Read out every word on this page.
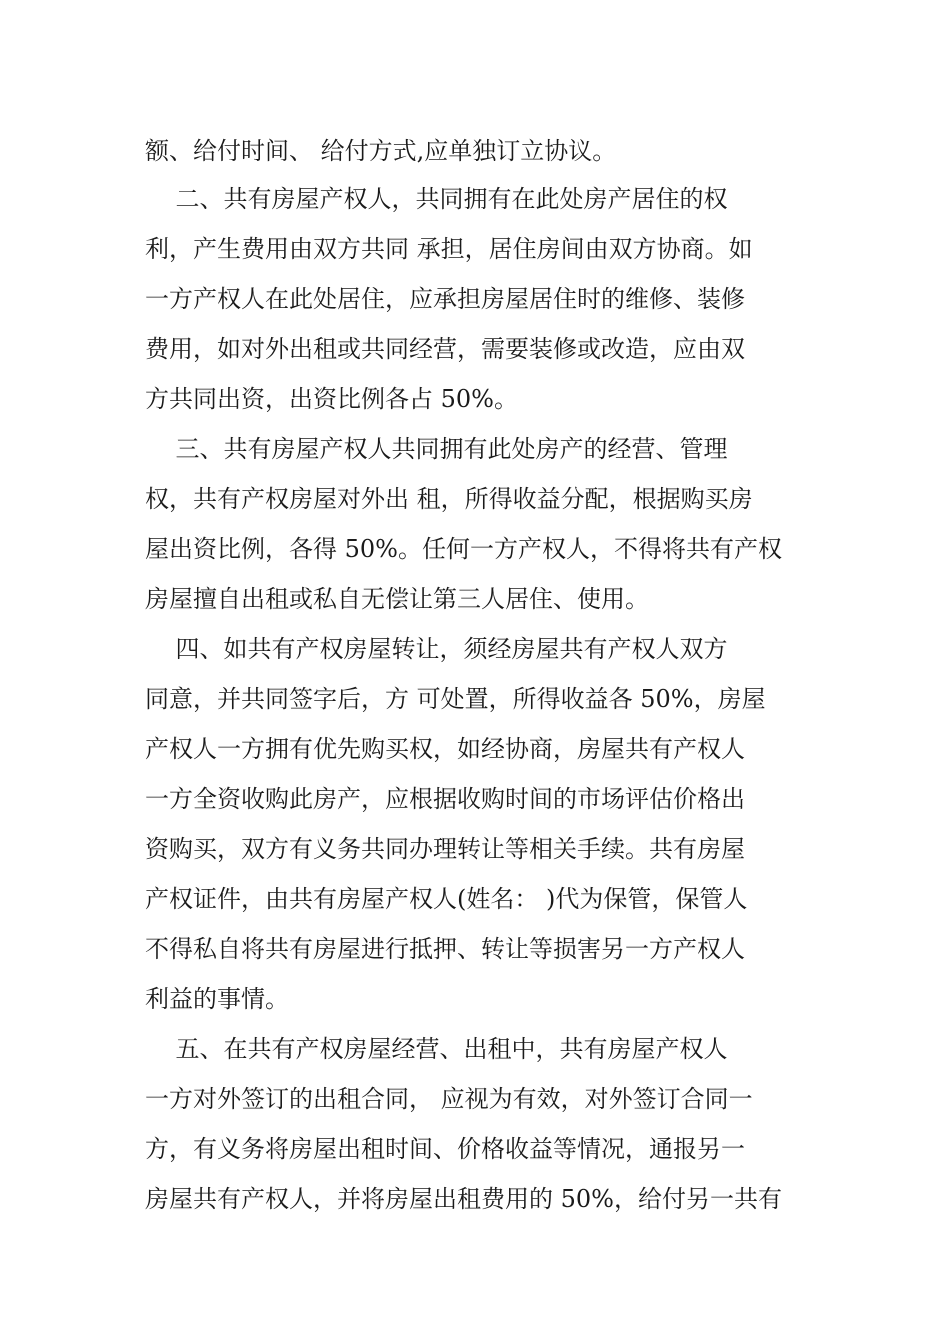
额、给付时间、 给付方式,应单独订立协议。

二、共有房屋产权人，共同拥有在此处房产居住的权

利，产生费用由双方共同 承担，居住房间由双方协商。如

一方产权人在此处居住，应承担房屋居住时的维修、装修

费用，如对外出租或共同经营，需要装修或改造，应由双

方共同出资，出资比例各占 50%。

三、共有房屋产权人共同拥有此处房产的经营、管理

权，共有产权房屋对外出 租，所得收益分配，根据购买房

屋出资比例，各得 50%。任何一方产权人，不得将共有产权

房屋擅自出租或私自无偿让第三人居住、使用。

四、如共有产权房屋转让，须经房屋共有产权人双方

同意，并共同签字后，方 可处置，所得收益各 50%，房屋

产权人一方拥有优先购买权，如经协商，房屋共有产权人

一方全资收购此房产，应根据收购时间的市场评估价格出

资购买，双方有义务共同办理转让等相关手续。共有房屋

产权证件，由共有房屋产权人(姓名： )代为保管，保管人

不得私自将共有房屋进行抵押、转让等损害另一方产权人

利益的事情。

五、在共有产权房屋经营、出租中，共有房屋产权人

一方对外签订的出租合同， 应视为有效，对外签订合同一

方，有义务将房屋出租时间、价格收益等情况，通报另一

房屋共有产权人，并将房屋出租费用的 50%，给付另一共有
